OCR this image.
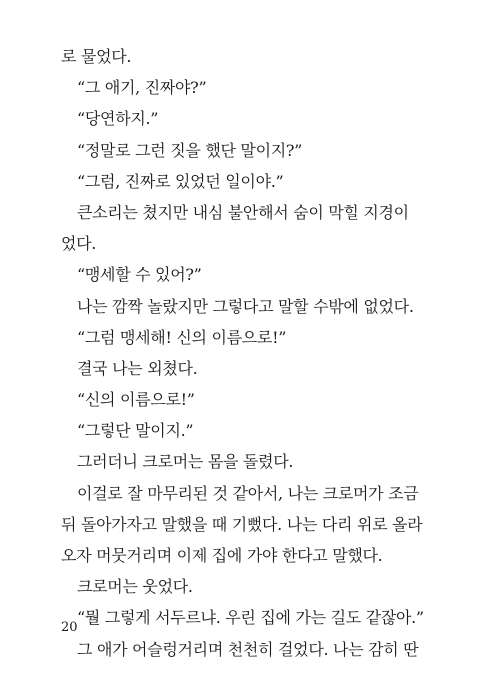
로 물었다.
“그 애기, 진짜야?”
“당연하지.”
“정말로 그런 짓을 했단 말이지?”
“그럼, 진짜로 있었던 일이야.”
큰소리는 쳤지만 내심 불안해서 숨이 막힐 지경이
었다.
“맹세할 수 있어?”
나는 깜짝 놀랐지만 그렇다고 말할 수밖에 없었다.
“그럼 맹세해! 신의 이름으로!”
결국 나는 외쳤다.
“신의 이름으로!”
“그렇단 말이지.”
그러더니 크로머는 몸을 돌렸다.
이걸로 잘 마무리된 것 같아서, 나는 크로머가 조금
뒤 돌아가자고 말했을 때 기뻤다. 나는 다리 위로 올라
오자 머뭇거리며 이제 집에 가야 한다고 말했다.
크로머는 웃었다.
“뭘 그렇게 서두르냐. 우린 집에 가는 길도 같잖아.”
그 애가 어슬렁거리며 천천히 걸었다. 나는 감히 딴
20
